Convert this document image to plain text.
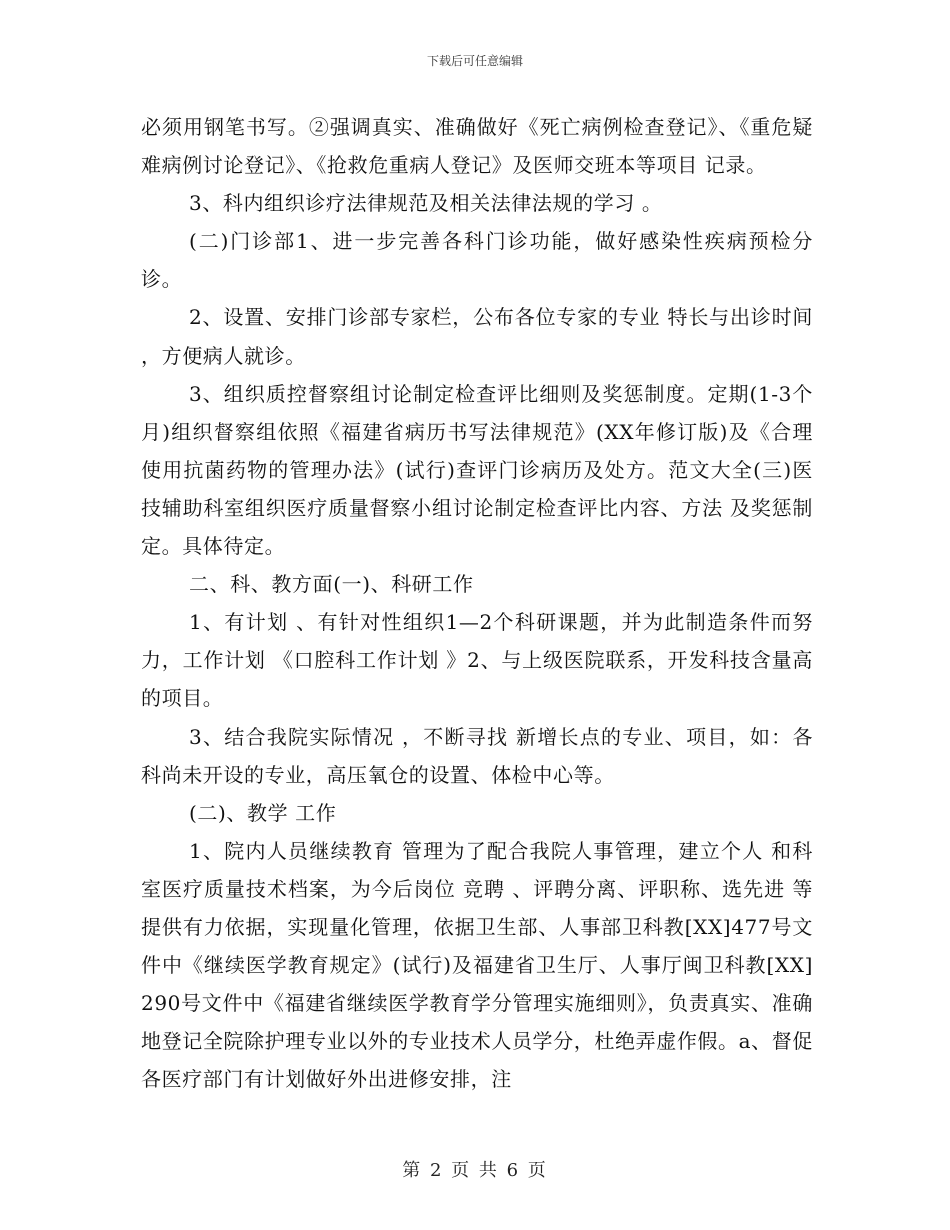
下载后可任意编辑

必须用钢笔书写。②强调真实、准确做好《死亡病例检查登记》、《重危疑难病例讨论登记》、《抢救危重病人登记》及医师交班本等项目 记录。

3、科内组织诊疗法律规范及相关法律法规的学习 。

(二)门诊部1、进一步完善各科门诊功能，做好感染性疾病预检分诊。

2、设置、安排门诊部专家栏，公布各位专家的专业 特长与出诊时间 ，方便病人就诊。

3、组织质控督察组讨论制定检查评比细则及奖惩制度。定期(1-3个月)组织督察组依照《福建省病历书写法律规范》(XX年修订版)及《合理使用抗菌药物的管理办法》(试行)查评门诊病历及处方。范文大全(三)医技辅助科室组织医疗质量督察小组讨论制定检查评比内容、方法 及奖惩制定。具体待定。

二、科、教方面(一)、科研工作

1、有计划 、有针对性组织1—2个科研课题，并为此制造条件而努力，工作计划 《口腔科工作计划 》2、与上级医院联系，开发科技含量高的项目。

3、结合我院实际情况 ，不断寻找 新增长点的专业、项目，如：各科尚未开设的专业，高压氧仓的设置、体检中心等。

(二)、教学 工作

1、院内人员继续教育 管理为了配合我院人事管理，建立个人 和科室医疗质量技术档案，为今后岗位 竞聘 、评聘分离、评职称、选先进 等提供有力依据，实现量化管理，依据卫生部、人事部卫科教[XX]477号文件中《继续医学教育规定》(试行)及福建省卫生厅、人事厅闽卫科教[XX]290号文件中《福建省继续医学教育学分管理实施细则》，负责真实、准确地登记全院除护理专业以外的专业技术人员学分，杜绝弄虚作假。a、督促各医疗部门有计划做好外出进修安排，注

第 2 页 共 6 页
